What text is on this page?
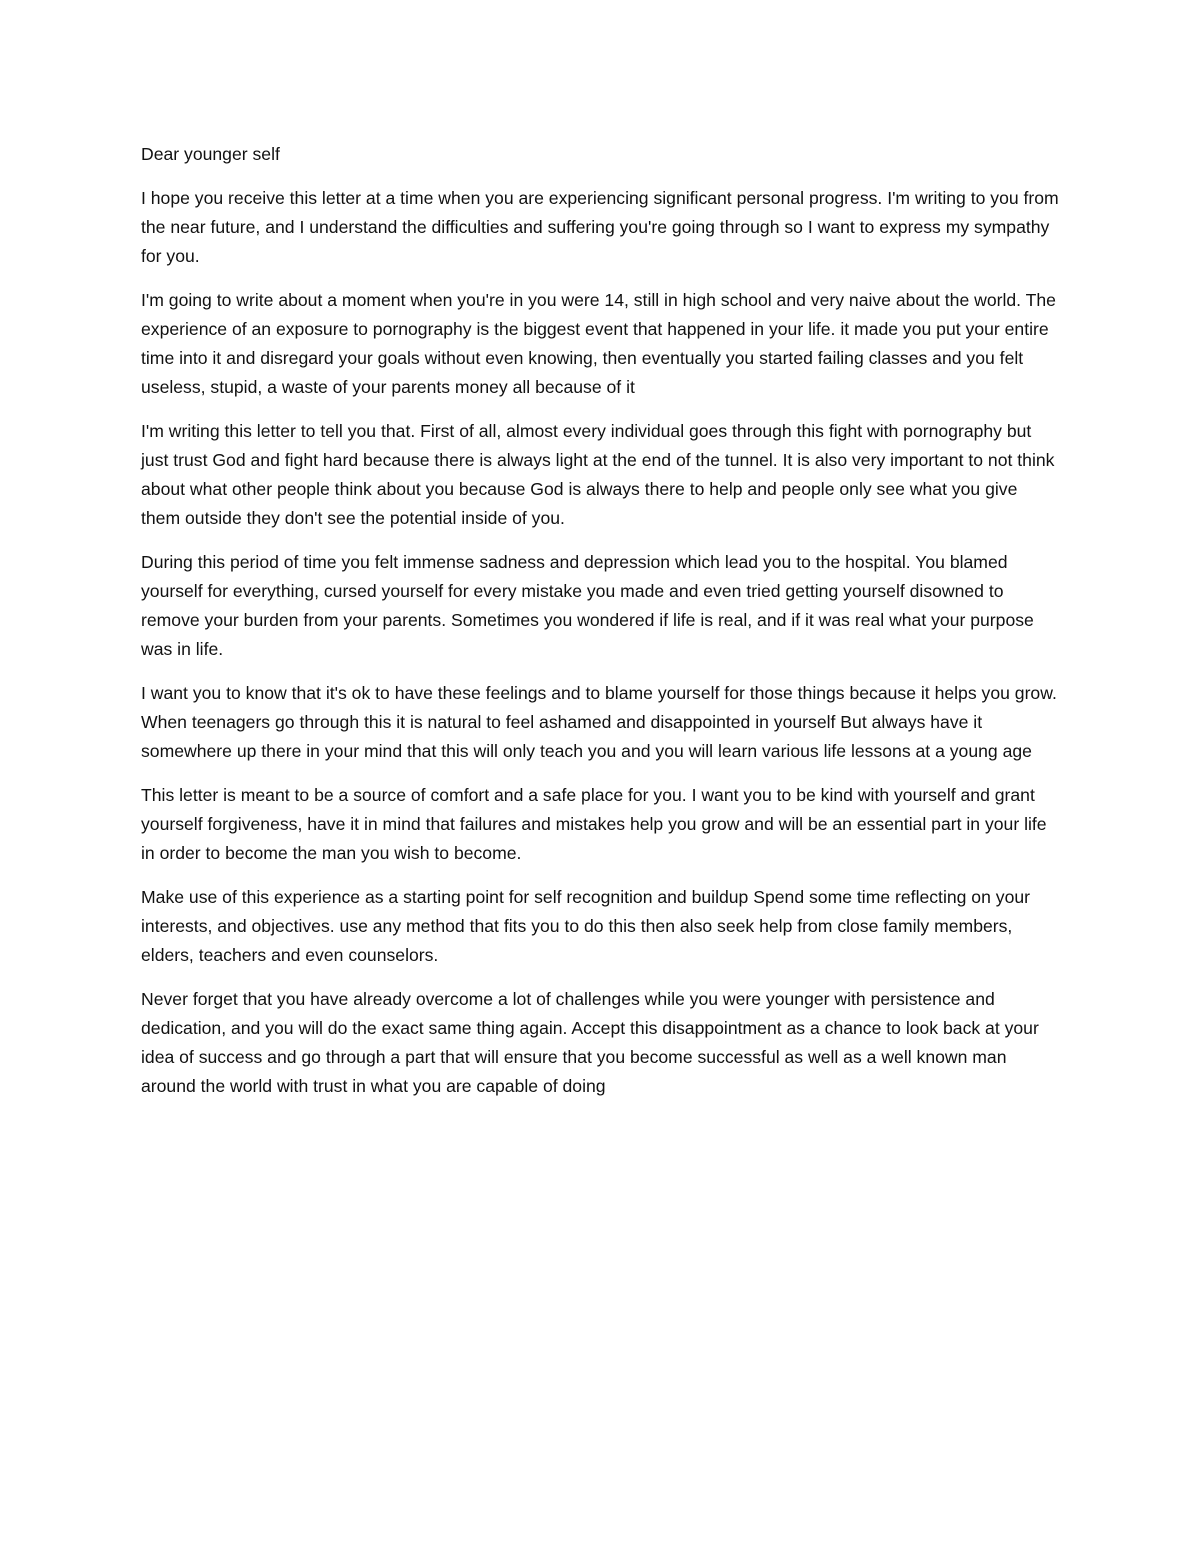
Dear younger self

I hope you receive this letter at a time when you are experiencing significant personal progress. I'm writing to you from the near future, and I understand the difficulties and suffering you're going through so I want to express my sympathy for you.

I'm going to write about a moment when you're in you were 14, still in high school and very naive about the world. The experience of an exposure to pornography is the biggest event that happened in your life. it made you put your entire time into it and disregard your goals without even knowing, then eventually you started failing classes and you felt useless, stupid, a waste of your parents money all because of it

I'm writing this letter to tell you that. First of all, almost every individual goes through this fight with pornography but just trust God and fight hard because there is always light at the end of the tunnel. It is also very important to not think about what other people think about you because God is always there to help and people only see what you give them outside they don't see the potential inside of you.

During this period of time you felt immense sadness and depression which lead you to the hospital. You blamed yourself for everything, cursed yourself for every mistake you made and even tried getting yourself disowned to remove your burden from your parents. Sometimes you wondered if life is real, and if it was real what your purpose was in life.

I want you to know that it's ok to have these feelings and to blame yourself for those things because it helps you grow. When teenagers go through this it is natural to feel ashamed and disappointed in yourself But always have it somewhere up there in your mind that this will only teach you and you will learn various life lessons at a young age

This letter is meant to be a source of comfort and a safe place for you. I want you to be kind with yourself and grant yourself forgiveness, have it in mind that failures and mistakes help you grow and will be an essential part in your life in order to become the man you wish to become.

Make use of this experience as a starting point for self recognition and buildup Spend some time reflecting on your interests, and objectives. use any method that fits you to do this then also seek help from close family members, elders, teachers and even counselors.

Never forget that you have already overcome a lot of challenges while you were younger with persistence and dedication, and you will do the exact same thing again. Accept this disappointment as a chance to look back at your idea of success and go through a part that will ensure that you become successful as well as a well known man around the world with trust in what you are capable of doing
